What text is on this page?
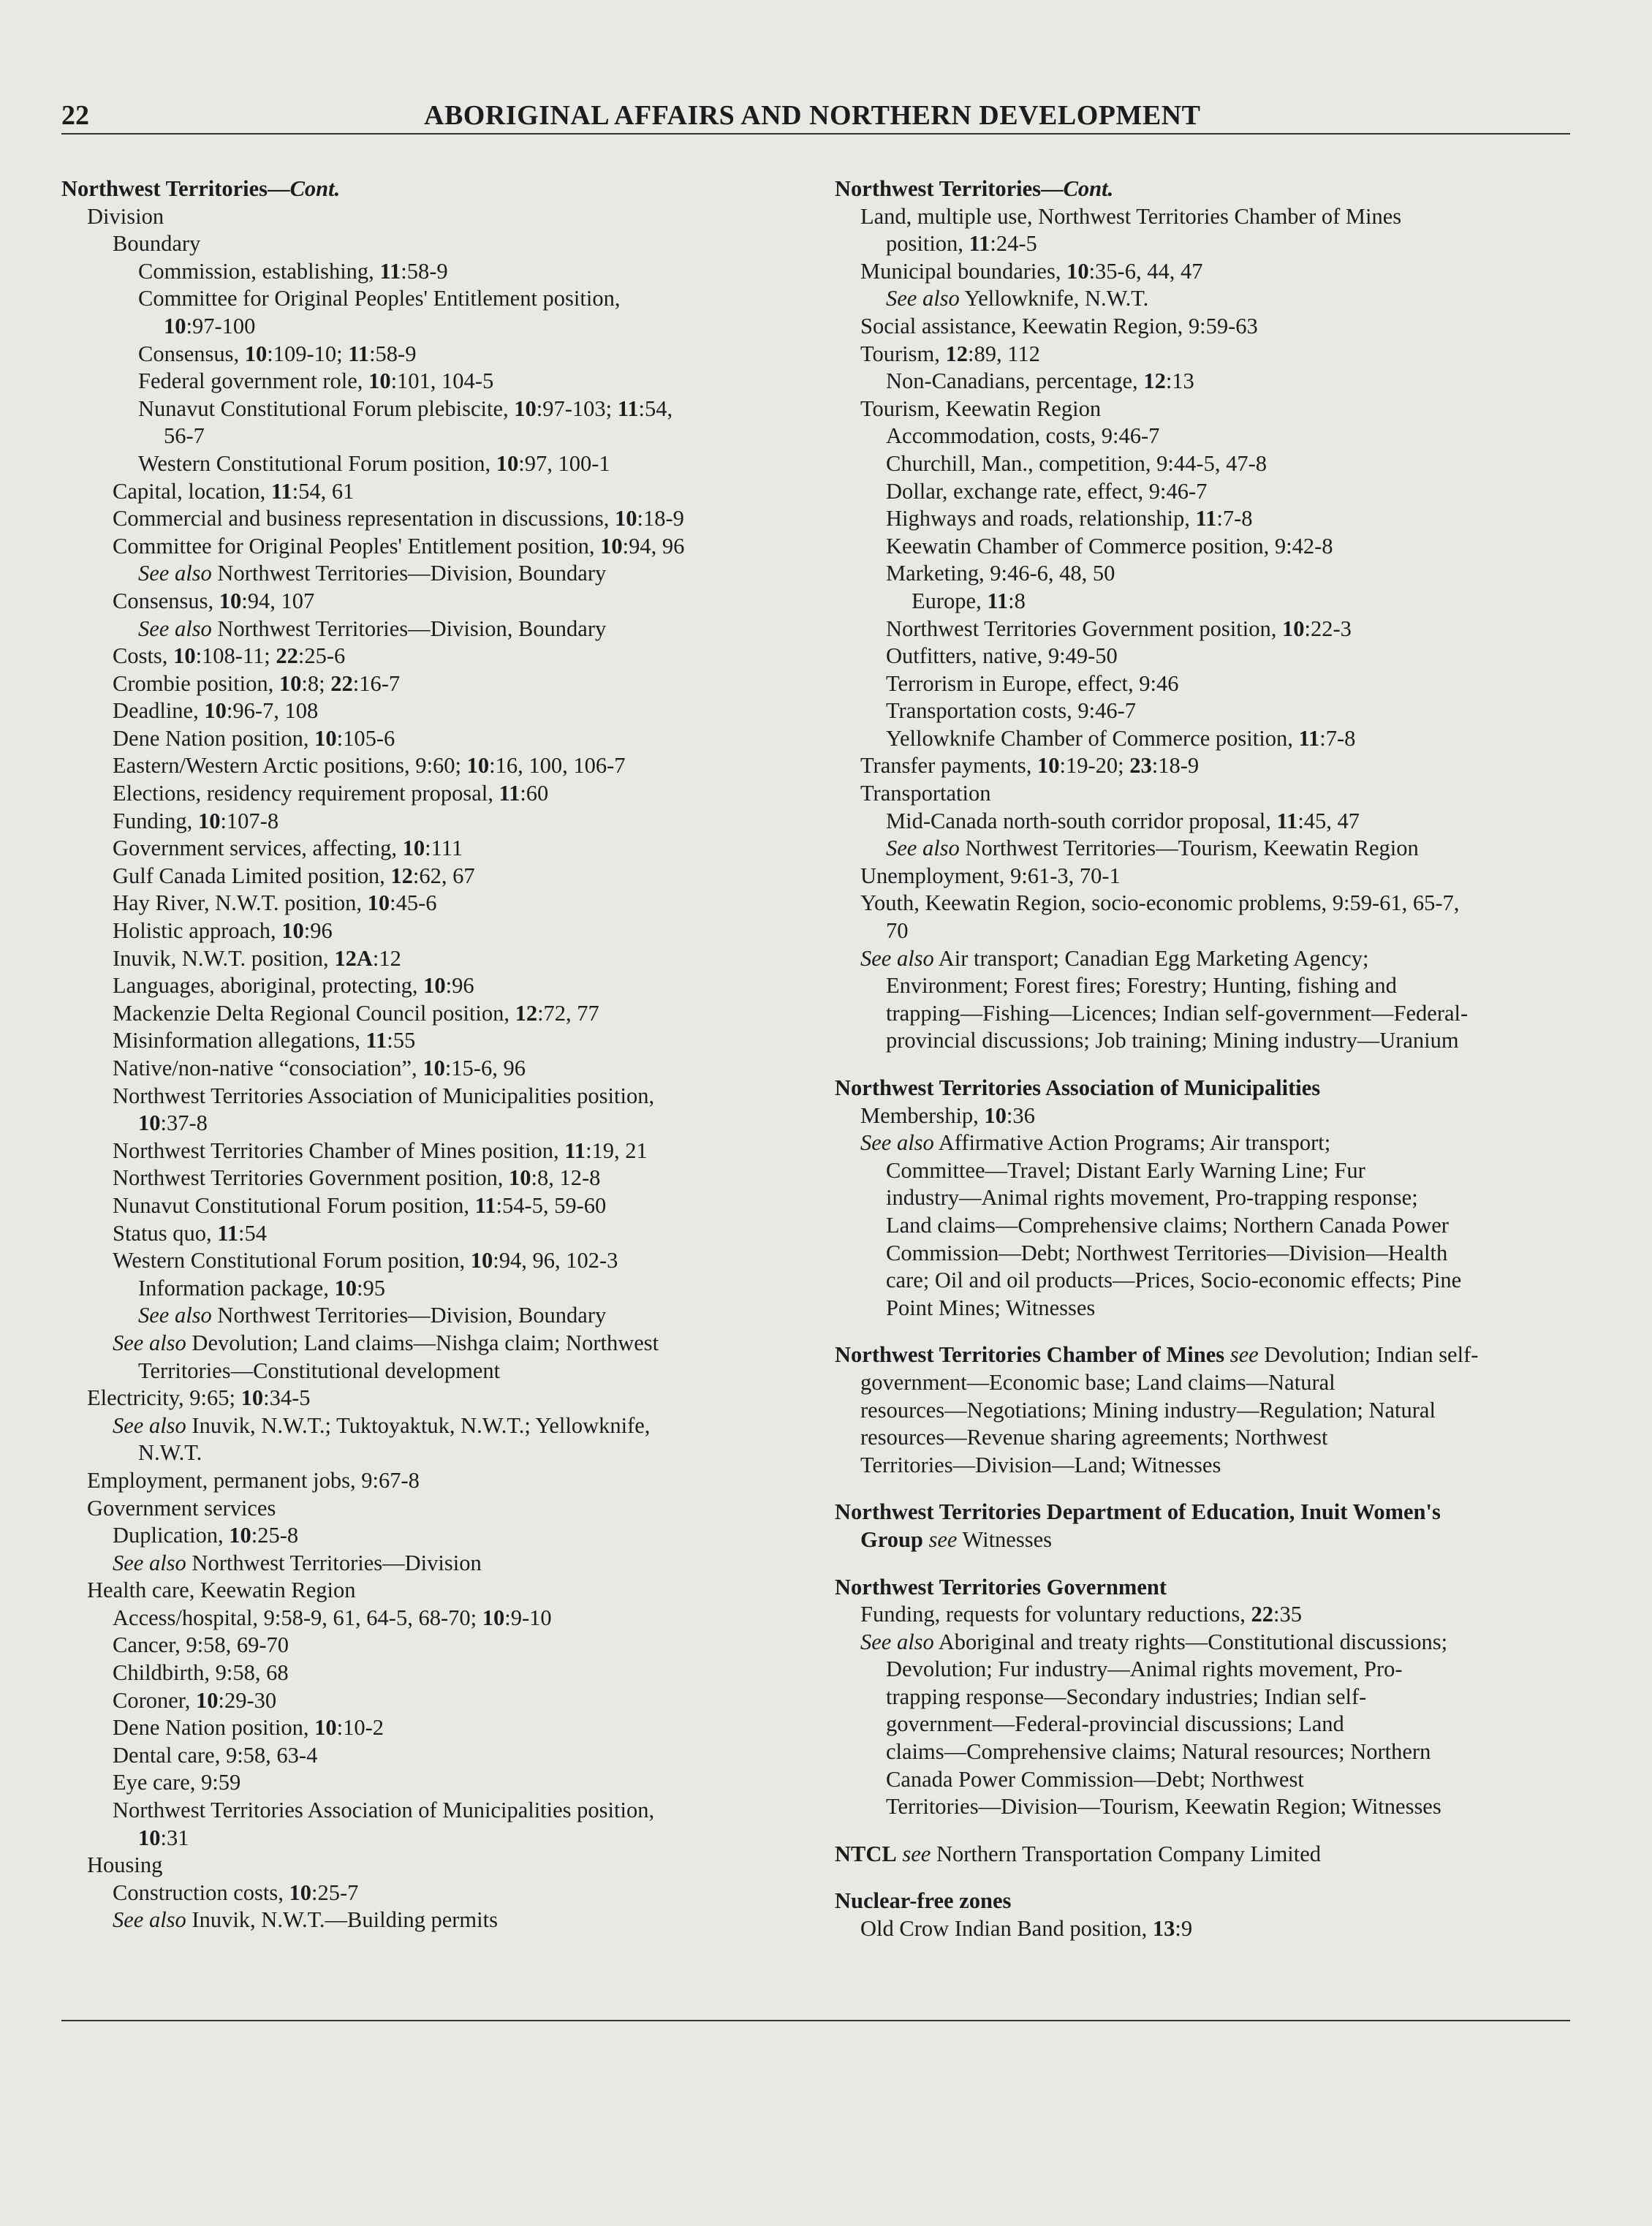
22	ABORIGINAL AFFAIRS AND NORTHERN DEVELOPMENT
Northwest Territories—Cont.
Division
Boundary
Commission, establishing, 11:58-9
Committee for Original Peoples' Entitlement position,
10:97-100
Consensus, 10:109-10; 11:58-9
Federal government role, 10:101, 104-5
Nunavut Constitutional Forum plebiscite, 10:97-103; 11:54,
56-7
Western Constitutional Forum position, 10:97, 100-1
Capital, location, 11:54, 61
Commercial and business representation in discussions, 10:18-9
Committee for Original Peoples' Entitlement position, 10:94, 96
See also Northwest Territories—Division, Boundary
Consensus, 10:94, 107
See also Northwest Territories—Division, Boundary
Costs, 10:108-11; 22:25-6
Crombie position, 10:8; 22:16-7
Deadline, 10:96-7, 108
Dene Nation position, 10:105-6
Eastern/Western Arctic positions, 9:60; 10:16, 100, 106-7
Elections, residency requirement proposal, 11:60
Funding, 10:107-8
Government services, affecting, 10:111
Gulf Canada Limited position, 12:62, 67
Hay River, N.W.T. position, 10:45-6
Holistic approach, 10:96
Inuvik, N.W.T. position, 12A:12
Languages, aboriginal, protecting, 10:96
Mackenzie Delta Regional Council position, 12:72, 77
Misinformation allegations, 11:55
Native/non-native “consociation”, 10:15-6, 96
Northwest Territories Association of Municipalities position,
10:37-8
Northwest Territories Chamber of Mines position, 11:19, 21
Northwest Territories Government position, 10:8, 12-8
Nunavut Constitutional Forum position, 11:54-5, 59-60
Status quo, 11:54
Western Constitutional Forum position, 10:94, 96, 102-3
Information package, 10:95
See also Northwest Territories—Division, Boundary
See also Devolution; Land claims—Nishga claim; Northwest
Territories—Constitutional development
Electricity, 9:65; 10:34-5
See also Inuvik, N.W.T.; Tuktoyaktuk, N.W.T.; Yellowknife,
N.W.T.
Employment, permanent jobs, 9:67-8
Government services
Duplication, 10:25-8
See also Northwest Territories—Division
Health care, Keewatin Region
Access/hospital, 9:58-9, 61, 64-5, 68-70; 10:9-10
Cancer, 9:58, 69-70
Childbirth, 9:58, 68
Coroner, 10:29-30
Dene Nation position, 10:10-2
Dental care, 9:58, 63-4
Eye care, 9:59
Northwest Territories Association of Municipalities position,
10:31
Housing
Construction costs, 10:25-7
See also Inuvik, N.W.T.—Building permits
Northwest Territories—Cont.
Land, multiple use, Northwest Territories Chamber of Mines
position, 11:24-5
Municipal boundaries, 10:35-6, 44, 47
See also Yellowknife, N.W.T.
Social assistance, Keewatin Region, 9:59-63
Tourism, 12:89, 112
Non-Canadians, percentage, 12:13
Tourism, Keewatin Region
Accommodation, costs, 9:46-7
Churchill, Man., competition, 9:44-5, 47-8
Dollar, exchange rate, effect, 9:46-7
Highways and roads, relationship, 11:7-8
Keewatin Chamber of Commerce position, 9:42-8
Marketing, 9:46-6, 48, 50
Europe, 11:8
Northwest Territories Government position, 10:22-3
Outfitters, native, 9:49-50
Terrorism in Europe, effect, 9:46
Transportation costs, 9:46-7
Yellowknife Chamber of Commerce position, 11:7-8
Transfer payments, 10:19-20; 23:18-9
Transportation
Mid-Canada north-south corridor proposal, 11:45, 47
See also Northwest Territories—Tourism, Keewatin Region
Unemployment, 9:61-3, 70-1
Youth, Keewatin Region, socio-economic problems, 9:59-61, 65-7,
70
See also Air transport; Canadian Egg Marketing Agency;
Environment; Forest fires; Forestry; Hunting, fishing and
trapping—Fishing—Licences; Indian self-government—Federal-
provincial discussions; Job training; Mining industry—Uranium
Northwest Territories Association of Municipalities
Membership, 10:36
See also Affirmative Action Programs; Air transport;
Committee—Travel; Distant Early Warning Line; Fur
industry—Animal rights movement, Pro-trapping response;
Land claims—Comprehensive claims; Northern Canada Power
Commission—Debt; Northwest Territories—Division—Health
care; Oil and oil products—Prices, Socio-economic effects; Pine
Point Mines; Witnesses
Northwest Territories Chamber of Mines see Devolution; Indian self-
government—Economic base; Land claims—Natural
resources—Negotiations; Mining industry—Regulation; Natural
resources—Revenue sharing agreements; Northwest
Territories—Division—Land; Witnesses
Northwest Territories Department of Education, Inuit Women's
Group see Witnesses
Northwest Territories Government
Funding, requests for voluntary reductions, 22:35
See also Aboriginal and treaty rights—Constitutional discussions;
Devolution; Fur industry—Animal rights movement, Pro-
trapping response—Secondary industries; Indian self-
government—Federal-provincial discussions; Land
claims—Comprehensive claims; Natural resources; Northern
Canada Power Commission—Debt; Northwest
Territories—Division—Tourism, Keewatin Region; Witnesses
NTCL see Northern Transportation Company Limited
Nuclear-free zones
Old Crow Indian Band position, 13:9
